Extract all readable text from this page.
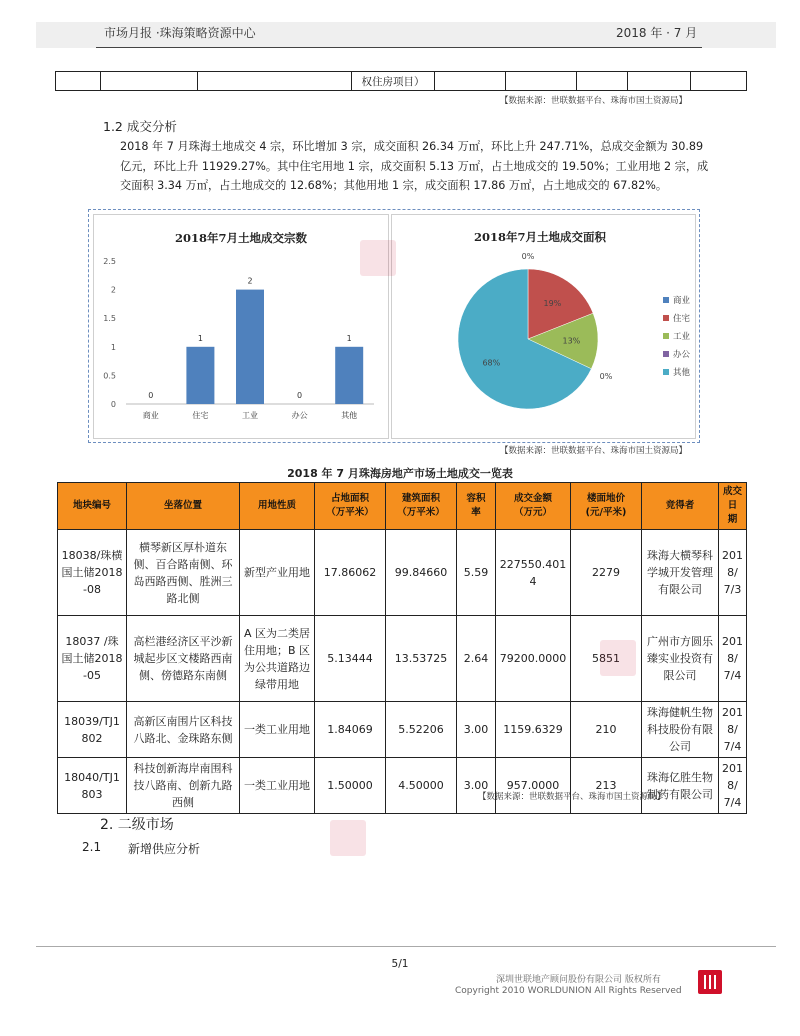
市场月报 ·珠海策略资源中心	2018 年 · 7 月
			权住房项目）					
【数据来源：世联数据平台、珠海市国土资源局】
1.2 成交分析
2018 年 7 月珠海土地成交 4 宗，环比增加 3 宗，成交面积 26.34 万㎡，环比上升 247.71%，总成交金额为 30.89 亿元，环比上升 11929.27%。其中住宅用地 1 宗，成交面积 5.13 万㎡，占土地成交的 19.50%；工业用地 2 宗，成交面积 3.34 万㎡，占土地成交的 12.68%；其他用地 1 宗，成交面积 17.86 万㎡，占土地成交的 67.82%。
2018年7月土地成交宗数
0
0.5
1
1.5
2
2.5
0
商业
1
住宅
2
工业
0
办公
1
其他
2018年7月土地成交面积
0%
19%
13%
0%
68%
商业
住宅
工业
办公
其他
【数据来源：世联数据平台、珠海市国土资源局】
2018 年 7 月珠海房地产市场土地成交一览表
地块编号	坐落位置	用地性质	占地面积
（万平米）	建筑面积
（万平米）	容积
率	成交金额
（万元）	楼面地价
(元/平米)	竞得者	成交日
期
18038/珠横国土储2018-08	横琴新区厚朴道东侧、百合路南侧、环岛西路西侧、胜洲三路北侧	新型产业用地	17.86062	99.84660	5.59	227550.4014	2279	珠海大横琴科学城开发管理有限公司	2018/7/3
18037 /珠国土储2018-05	高栏港经济区平沙新城起步区文楼路西南侧、傍德路东南侧	A 区为二类居住用地；B 区为公共道路边绿带用地	5.13444	13.53725	2.64	79200.0000	5851	广州市方圆乐臻实业投资有限公司	2018/7/4
18039/TJ1802	高新区南围片区科技八路北、金珠路东侧	一类工业用地	1.84069	5.52206	3.00	1159.6329	210	珠海健帆生物科技股份有限公司	2018/7/4
18040/TJ1803	科技创新海岸南围科技八路南、创新九路西侧	一类工业用地	1.50000	4.50000	3.00	957.0000	213	珠海亿胜生物制药有限公司	2018/7/4
【数据来源：世联数据平台、珠海市国土资源局】
2. 二级市场
2.1 新增供应分析
5/1
深圳世联地产顾问股份有限公司 版权所有
Copyright 2010 WORLDUNION All Rights Reserved
